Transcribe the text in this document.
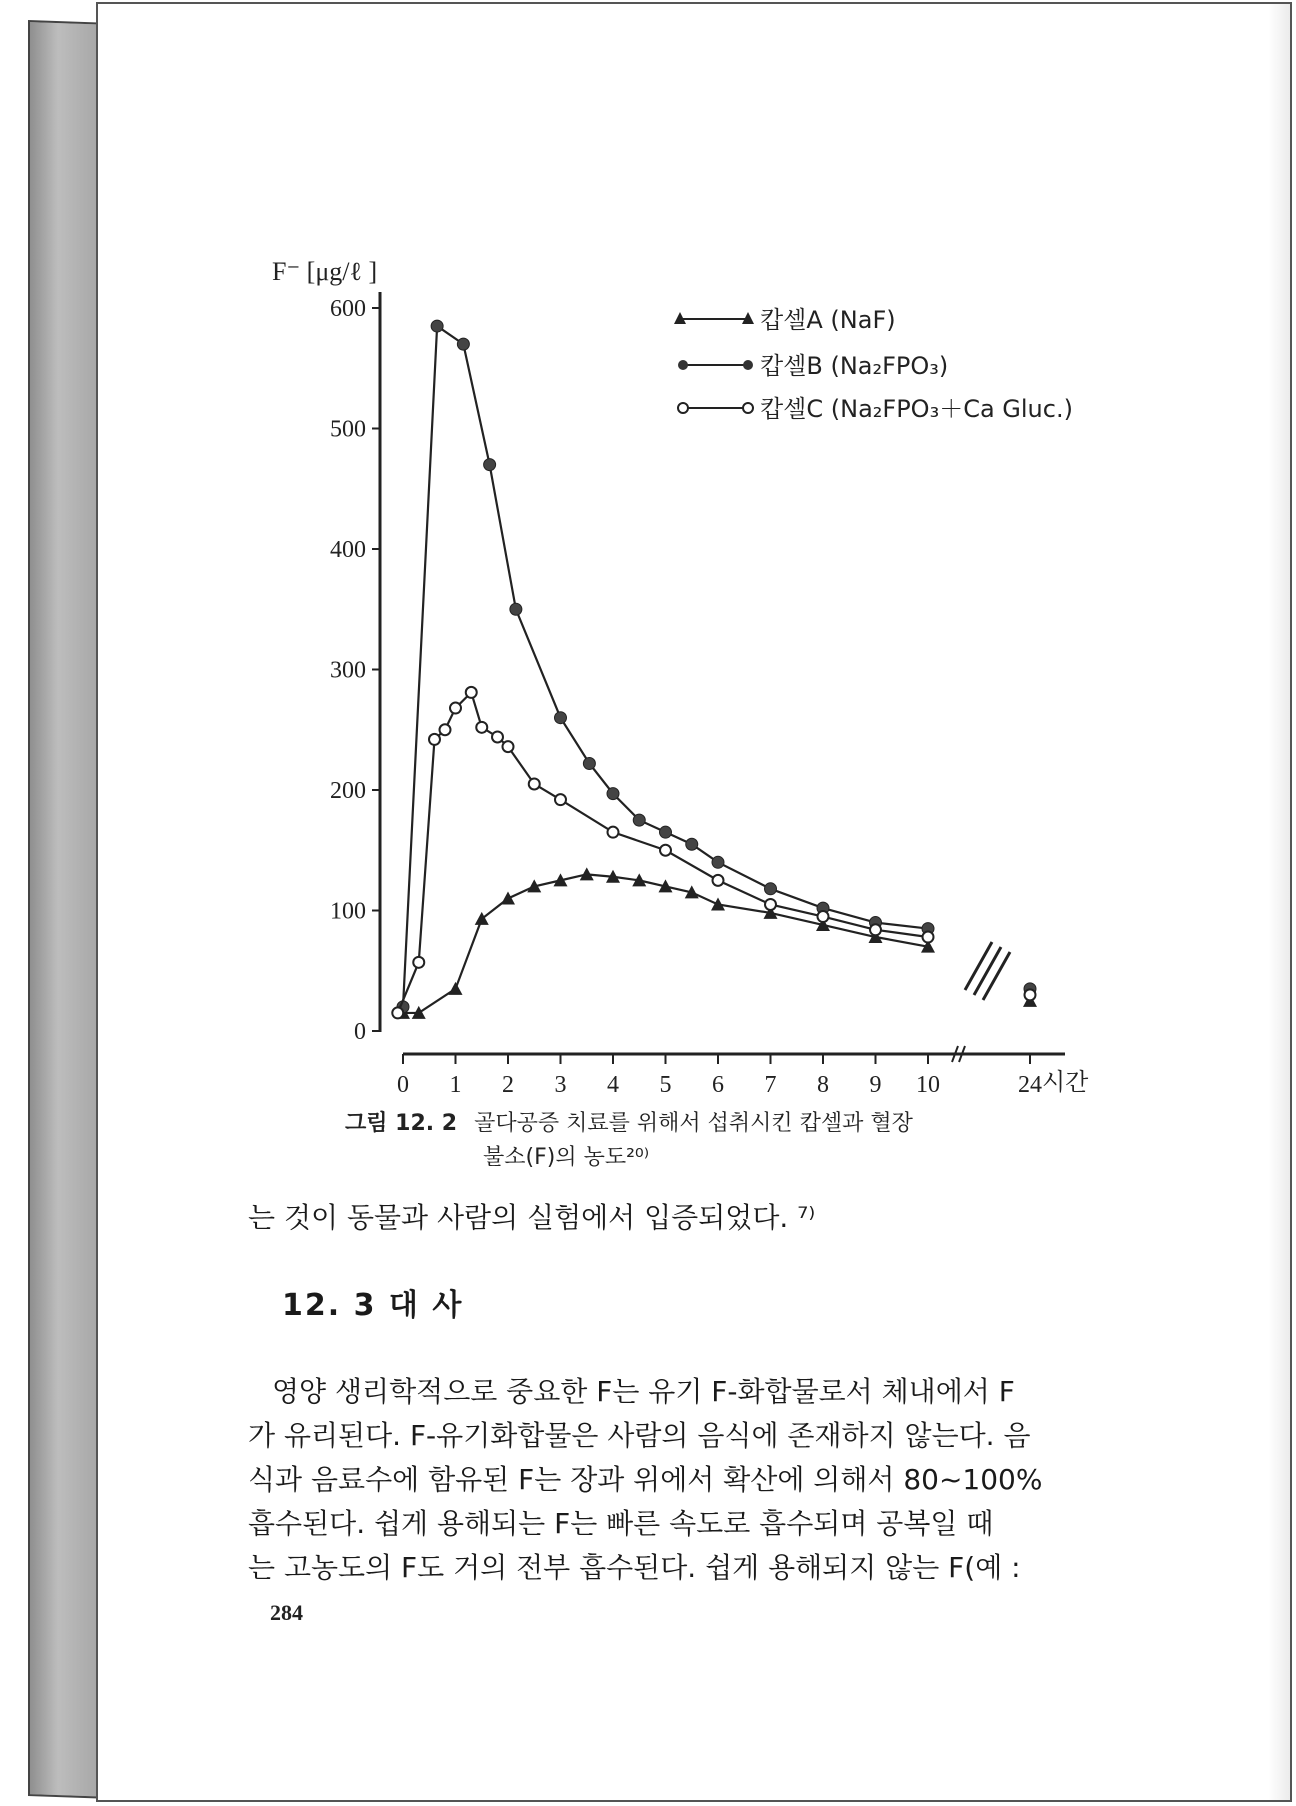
F⁻ [μg/ℓ ]
600
500
400
300
200
100
0
0 1 2 3 4 5 6 7 8 9 10	24 시간
캅셀A (NaF)
캅셀B (Na₂FPO₃)
캅셀C (Na₂FPO₃＋Ca Gluc.)
그림 12. 2 골다공증 치료를 위해서 섭취시킨 캅셀과 혈장
불소(F)의 농도²⁰⁾
는 것이 동물과 사람의 실험에서 입증되었다. ⁷⁾
12. 3 대 사
영양 생리학적으로 중요한 F는 유기 F-화합물로서 체내에서 F
가 유리된다. F-유기화합물은 사람의 음식에 존재하지 않는다. 음
식과 음료수에 함유된 F는 장과 위에서 확산에 의해서 80~100%
흡수된다. 쉽게 용해되는 F는 빠른 속도로 흡수되며 공복일 때
는 고농도의 F도 거의 전부 흡수된다. 쉽게 용해되지 않는 F(예 :
284
